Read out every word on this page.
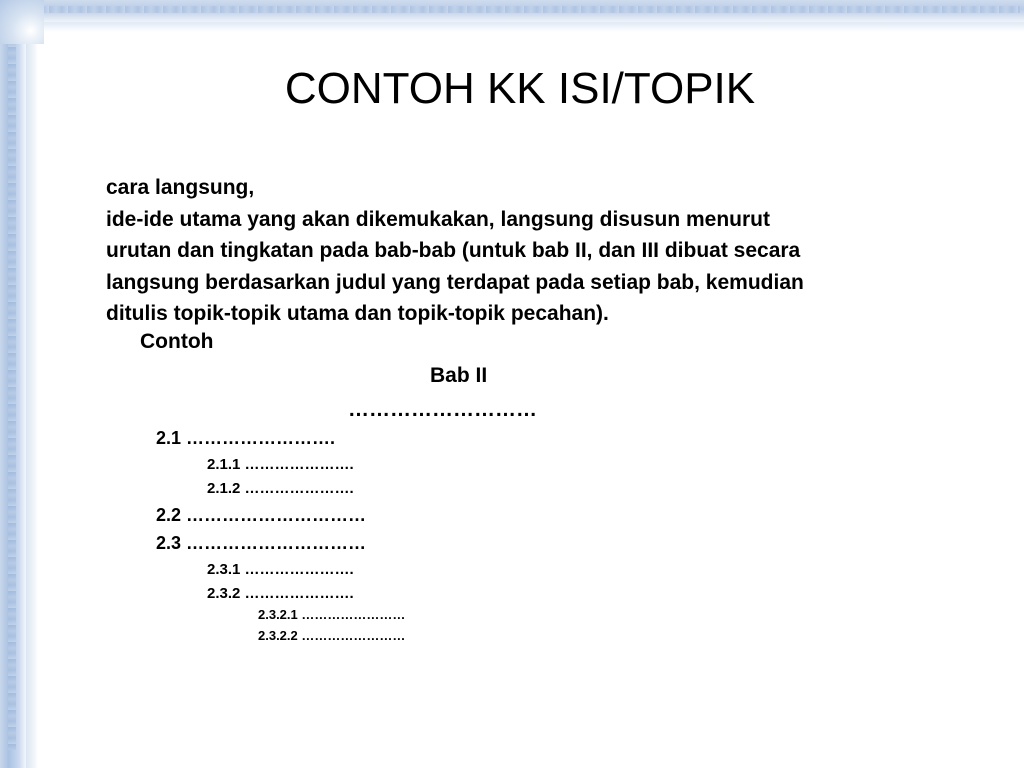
CONTOH KK ISI/TOPIK

cara langsung,

ide-ide utama yang akan dikemukakan, langsung disusun menurut

urutan dan tingkatan pada bab-bab (untuk bab II, dan III dibuat secara

langsung berdasarkan judul yang terdapat pada setiap bab, kemudian

ditulis topik-topik utama dan topik-topik pecahan).

Contoh
Bab II
………………………
2.1 …………………….
2.1.1 ………………….
2.1.2 ………………….
2.2 …………………………
2.3 …………………………
2.3.1 ………………….
2.3.2 ………………….
2.3.2.1 ……………………
2.3.2.2 ……………………
